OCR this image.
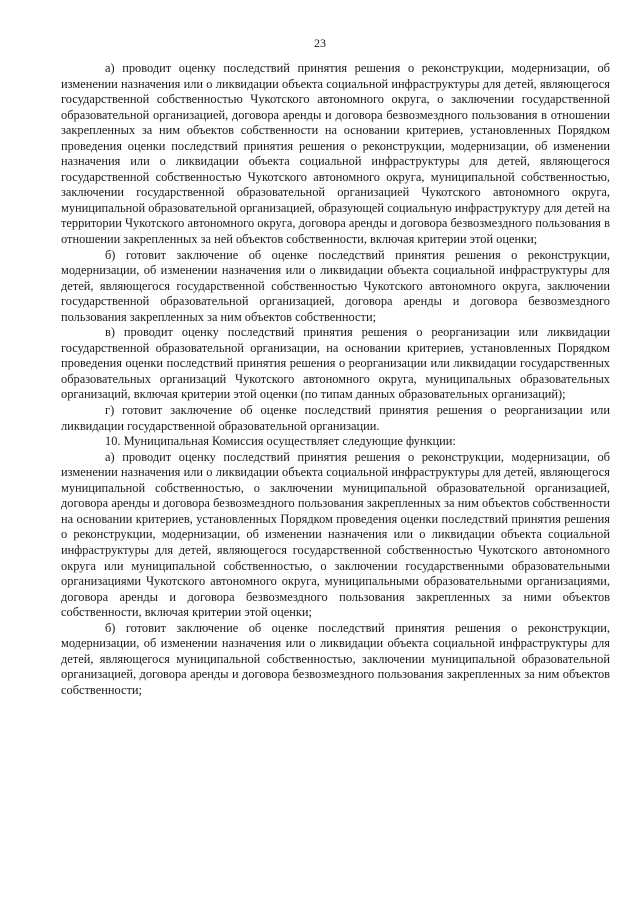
23

а) проводит оценку последствий принятия решения о реконструкции, модернизации, об изменении назначения или о ликвидации объекта социальной инфраструктуры для детей, являющегося государственной собственностью Чукотского автономного округа, о заключении государственной образовательной организацией, договора аренды и договора безвозмездного пользования в отношении закрепленных за ним объектов собственности на основании критериев, установленных Порядком проведения оценки последствий принятия решения о реконструкции, модернизации, об изменении назначения или о ликвидации объекта социальной инфраструктуры для детей, являющегося государственной собственностью Чукотского автономного округа, муниципальной собственностью, заключении государственной образовательной организацией Чукотского автономного округа, муниципальной образовательной организацией, образующей социальную инфраструктуру для детей на территории Чукотского автономного округа, договора аренды и договора безвозмездного пользования в отношении закрепленных за ней объектов собственности, включая критерии этой оценки;

б) готовит заключение об оценке последствий принятия решения о реконструкции, модернизации, об изменении назначения или о ликвидации объекта социальной инфраструктуры для детей, являющегося государственной собственностью Чукотского автономного округа, заключении государственной образовательной организацией, договора аренды и договора безвозмездного пользования закрепленных за ним объектов собственности;

в) проводит оценку последствий принятия решения о реорганизации или ликвидации государственной образовательной организации, на основании критериев, установленных Порядком проведения оценки последствий принятия решения о реорганизации или ликвидации государственных образовательных организаций Чукотского автономного округа, муниципальных образовательных организаций, включая критерии этой оценки (по типам данных образовательных организаций);

г) готовит заключение об оценке последствий принятия решения о реорганизации или ликвидации государственной образовательной организации.

10. Муниципальная Комиссия осуществляет следующие функции:

а) проводит оценку последствий принятия решения о реконструкции, модернизации, об изменении назначения или о ликвидации объекта социальной инфраструктуры для детей, являющегося муниципальной собственностью, о заключении муниципальной образовательной организацией, договора аренды и договора безвозмездного пользования закрепленных за ним объектов собственности на основании критериев, установленных Порядком проведения оценки последствий принятия решения о реконструкции, модернизации, об изменении назначения или о ликвидации объекта социальной инфраструктуры для детей, являющегося государственной собственностью Чукотского автономного округа или муниципальной собственностью, о заключении государственными образовательными организациями Чукотского автономного округа, муниципальными образовательными организациями, договора аренды и договора безвозмездного пользования закрепленных за ними объектов собственности, включая критерии этой оценки;

б) готовит заключение об оценке последствий принятия решения о реконструкции, модернизации, об изменении назначения или о ликвидации объекта социальной инфраструктуры для детей, являющегося муниципальной собственностью, заключении муниципальной образовательной организацией, договора аренды и договора безвозмездного пользования закрепленных за ним объектов собственности;
